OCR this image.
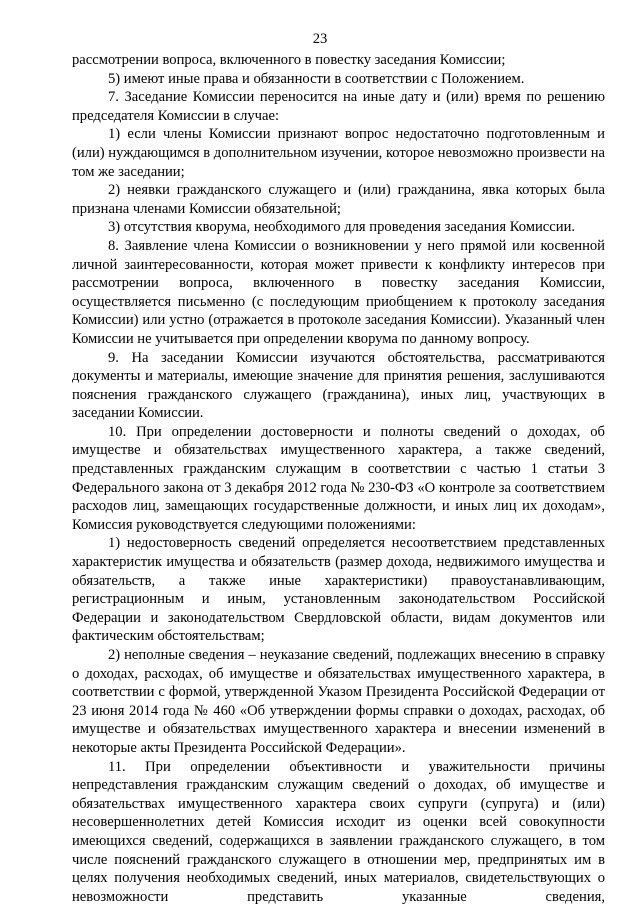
23

рассмотрении вопроса, включенного в повестку заседания Комиссии;

5) имеют иные права и обязанности в соответствии с Положением.

7. Заседание Комиссии переносится на иные дату и (или) время по решению председателя Комиссии в случае:

1) если члены Комиссии признают вопрос недостаточно подготовленным и (или) нуждающимся в дополнительном изучении, которое невозможно произвести на том же заседании;

2) неявки гражданского служащего и (или) гражданина, явка которых была признана членами Комиссии обязательной;

3) отсутствия кворума, необходимого для проведения заседания Комиссии.

8. Заявление члена Комиссии о возникновении у него прямой или косвенной личной заинтересованности, которая может привести к конфликту интересов при рассмотрении вопроса, включенного в повестку заседания Комиссии, осуществляется письменно (с последующим приобщением к протоколу заседания Комиссии) или устно (отражается в протоколе заседания Комиссии). Указанный член Комиссии не учитывается при определении кворума по данному вопросу.

9. На заседании Комиссии изучаются обстоятельства, рассматриваются документы и материалы, имеющие значение для принятия решения, заслушиваются пояснения гражданского служащего (гражданина), иных лиц, участвующих в заседании Комиссии.

10. При определении достоверности и полноты сведений о доходах, об имуществе и обязательствах имущественного характера, а также сведений, представленных гражданским служащим в соответствии с частью 1 статьи 3 Федерального закона от 3 декабря 2012 года № 230-ФЗ «О контроле за соответствием расходов лиц, замещающих государственные должности, и иных лиц их доходам», Комиссия руководствуется следующими положениями:

1) недостоверность сведений определяется несоответствием представленных характеристик имущества и обязательств (размер дохода, недвижимого имущества и обязательств, а также иные характеристики) правоустанавливающим, регистрационным и иным, установленным законодательством Российской Федерации и законодательством Свердловской области, видам документов или фактическим обстоятельствам;

2) неполные сведения – неуказание сведений, подлежащих внесению в справку о доходах, расходах, об имуществе и обязательствах имущественного характера, в соответствии с формой, утвержденной Указом Президента Российской Федерации от 23 июня 2014 года № 460 «Об утверждении формы справки о доходах, расходах, об имуществе и обязательствах имущественного характера и внесении изменений в некоторые акты Президента Российской Федерации».

11. При определении объективности и уважительности причины непредставления гражданским служащим сведений о доходах, об имуществе и обязательствах имущественного характера своих супруги (супруга) и (или) несовершеннолетних детей Комиссия исходит из оценки всей совокупности имеющихся сведений, содержащихся в заявлении гражданского служащего, в том числе пояснений гражданского служащего в отношении мер, предпринятых им в целях получения необходимых сведений, иных материалов, свидетельствующих о невозможности представить указанные сведения,
